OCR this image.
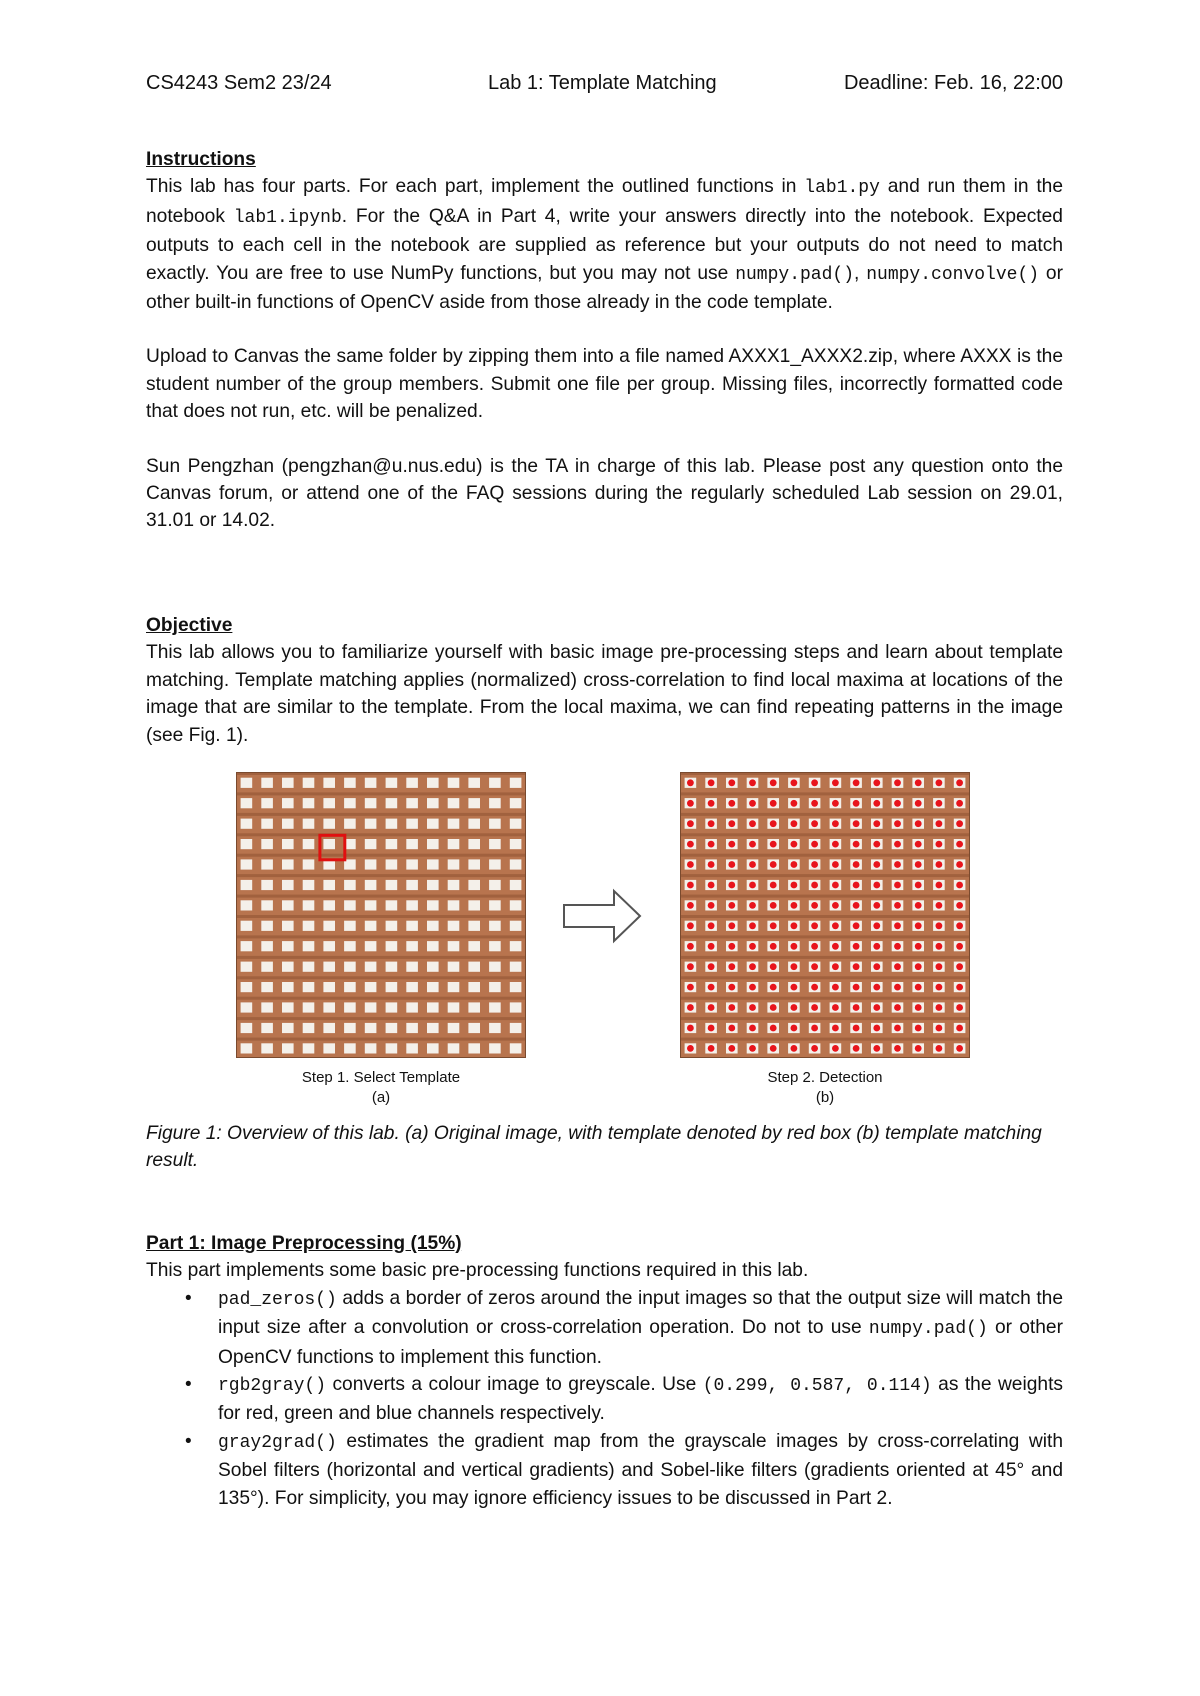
CS4243 Sem2 23/24	Lab 1: Template Matching	Deadline: Feb. 16, 22:00
Instructions
This lab has four parts. For each part, implement the outlined functions in lab1.py and run them in the notebook lab1.ipynb. For the Q&A in Part 4, write your answers directly into the notebook. Expected outputs to each cell in the notebook are supplied as reference but your outputs do not need to match exactly. You are free to use NumPy functions, but you may not use numpy.pad(), numpy.convolve() or other built-in functions of OpenCV aside from those already in the code template.
Upload to Canvas the same folder by zipping them into a file named AXXX1_AXXX2.zip, where AXXX is the student number of the group members. Submit one file per group. Missing files, incorrectly formatted code that does not run, etc. will be penalized.
Sun Pengzhan (pengzhan@u.nus.edu) is the TA in charge of this lab. Please post any question onto the Canvas forum, or attend one of the FAQ sessions during the regularly scheduled Lab session on 29.01, 31.01 or 14.02.
Objective
This lab allows you to familiarize yourself with basic image pre-processing steps and learn about template matching. Template matching applies (normalized) cross-correlation to find local maxima at locations of the image that are similar to the template. From the local maxima, we can find repeating patterns in the image (see Fig. 1).
Step 1. Select Template
(a)
Step 2. Detection
(b)
Figure 1: Overview of this lab. (a) Original image, with template denoted by red box (b) template matching result.
Part 1: Image Preprocessing (15%)
This part implements some basic pre-processing functions required in this lab.
• pad_zeros() adds a border of zeros around the input images so that the output size will match the input size after a convolution or cross-correlation operation. Do not to use numpy.pad() or other OpenCV functions to implement this function.
• rgb2gray() converts a colour image to greyscale. Use (0.299, 0.587, 0.114) as the weights for red, green and blue channels respectively.
• gray2grad() estimates the gradient map from the grayscale images by cross-correlating with Sobel filters (horizontal and vertical gradients) and Sobel-like filters (gradients oriented at 45° and 135°). For simplicity, you may ignore efficiency issues to be discussed in Part 2.
